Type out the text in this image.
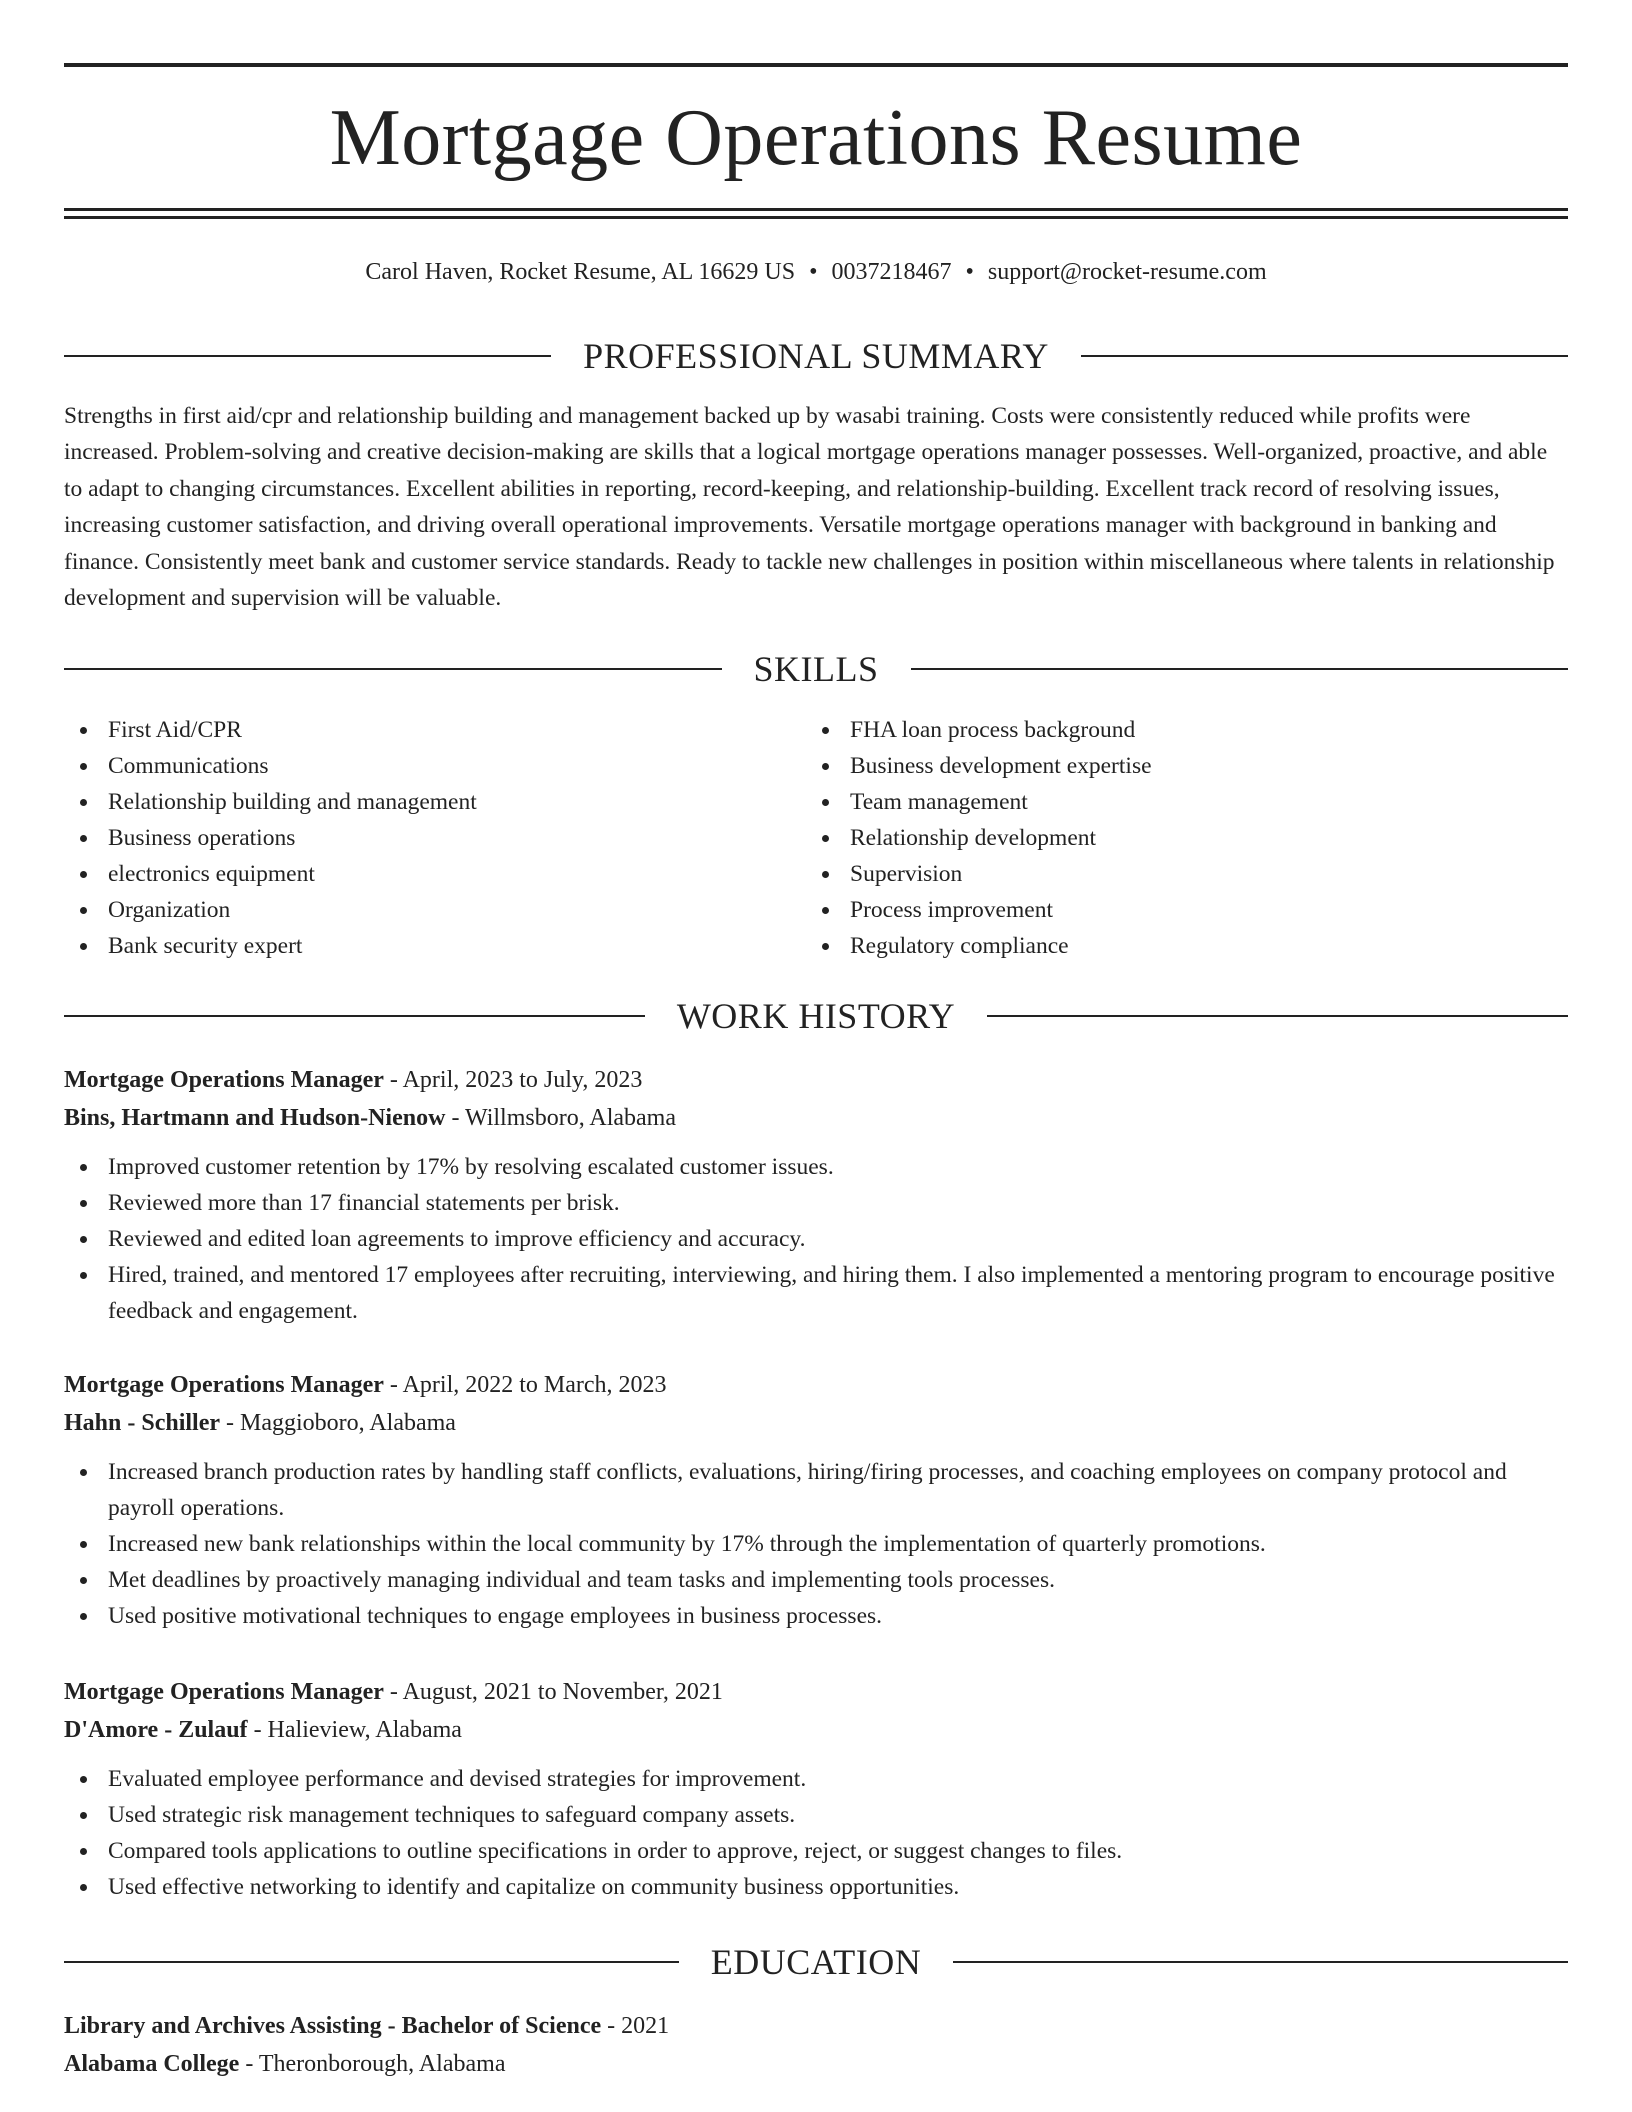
Mortgage Operations Resume
Carol Haven, Rocket Resume, AL 16629 US • 0037218467 • support@rocket-resume.com
PROFESSIONAL SUMMARY

Strengths in first aid/cpr and relationship building and management backed up by wasabi training. Costs were consistently reduced while profits were increased. Problem-solving and creative decision-making are skills that a logical mortgage operations manager possesses. Well-organized, proactive, and able to adapt to changing circumstances. Excellent abilities in reporting, record-keeping, and relationship-building. Excellent track record of resolving issues, increasing customer satisfaction, and driving overall operational improvements. Versatile mortgage operations manager with background in banking and finance. Consistently meet bank and customer service standards. Ready to tackle new challenges in position within miscellaneous where talents in relationship development and supervision will be valuable.

SKILLS
First Aid/CPR
Communications
Relationship building and management
Business operations
electronics equipment
Organization
Bank security expert
FHA loan process background
Business development expertise
Team management
Relationship development
Supervision
Process improvement
Regulatory compliance
WORK HISTORY
Mortgage Operations Manager - April, 2023 to July, 2023
Bins, Hartmann and Hudson-Nienow - Willmsboro, Alabama
Improved customer retention by 17% by resolving escalated customer issues.
Reviewed more than 17 financial statements per brisk.
Reviewed and edited loan agreements to improve efficiency and accuracy.
Hired, trained, and mentored 17 employees after recruiting, interviewing, and hiring them. I also implemented a mentoring program to encourage positive feedback and engagement.
Mortgage Operations Manager - April, 2022 to March, 2023
Hahn - Schiller - Maggioboro, Alabama
Increased branch production rates by handling staff conflicts, evaluations, hiring/firing processes, and coaching employees on company protocol and payroll operations.
Increased new bank relationships within the local community by 17% through the implementation of quarterly promotions.
Met deadlines by proactively managing individual and team tasks and implementing tools processes.
Used positive motivational techniques to engage employees in business processes.
Mortgage Operations Manager - August, 2021 to November, 2021
D'Amore - Zulauf - Halieview, Alabama
Evaluated employee performance and devised strategies for improvement.
Used strategic risk management techniques to safeguard company assets.
Compared tools applications to outline specifications in order to approve, reject, or suggest changes to files.
Used effective networking to identify and capitalize on community business opportunities.
EDUCATION
Library and Archives Assisting - Bachelor of Science - 2021
Alabama College - Theronborough, Alabama
